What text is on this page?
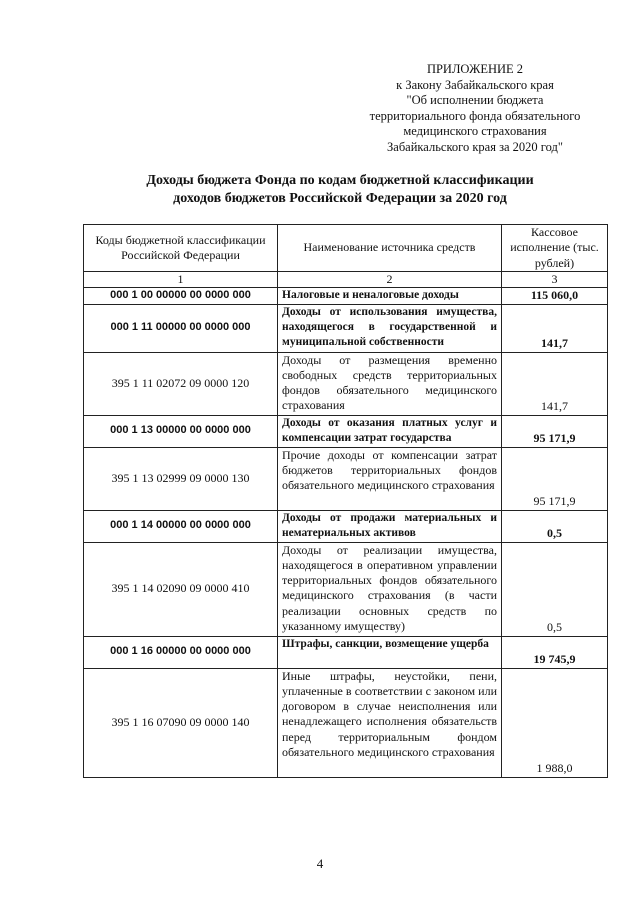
ПРИЛОЖЕНИЕ 2
к Закону Забайкальского края
"Об исполнении бюджета
территориального фонда обязательного
медицинского страхования
Забайкальского края за 2020 год"
Доходы бюджета Фонда по кодам бюджетной классификации
доходов бюджетов Российской Федерации за 2020 год
Коды бюджетной классификации Российской Федерации	Наименование источника средств	Кассовое исполнение (тыс. рублей)
1	2	3
000 1 00 00000 00 0000 000	Налоговые и неналоговые доходы	115 060,0
000 1 11 00000 00 0000 000	Доходы от использования имущества, находящегося в государственной и муниципальной собственности	141,7
395 1 11 02072 09 0000 120	Доходы от размещения временно свободных средств территориальных фондов обязательного медицинского страхования	141,7
000 1 13 00000 00 0000 000	Доходы от оказания платных услуг и компенсации затрат государства	95 171,9
395 1 13 02999 09 0000 130	Прочие доходы от компенсации затрат бюджетов территориальных фондов обязательного медицинского страхования	95 171,9
000 1 14 00000 00 0000 000	Доходы от продажи материальных и нематериальных активов	0,5
395 1 14 02090 09 0000 410	Доходы от реализации имущества, находящегося в оперативном управлении территориальных фондов обязательного медицинского страхования (в части реализации основных средств по указанному имуществу)	0,5
000 1 16 00000 00 0000 000	Штрафы, санкции, возмещение ущерба	19 745,9
395 1 16 07090 09 0000 140	Иные штрафы, неустойки, пени, уплаченные в соответствии с законом или договором в случае неисполнения или ненадлежащего исполнения обязательств перед территориальным фондом обязательного медицинского страхования	1 988,0
4
